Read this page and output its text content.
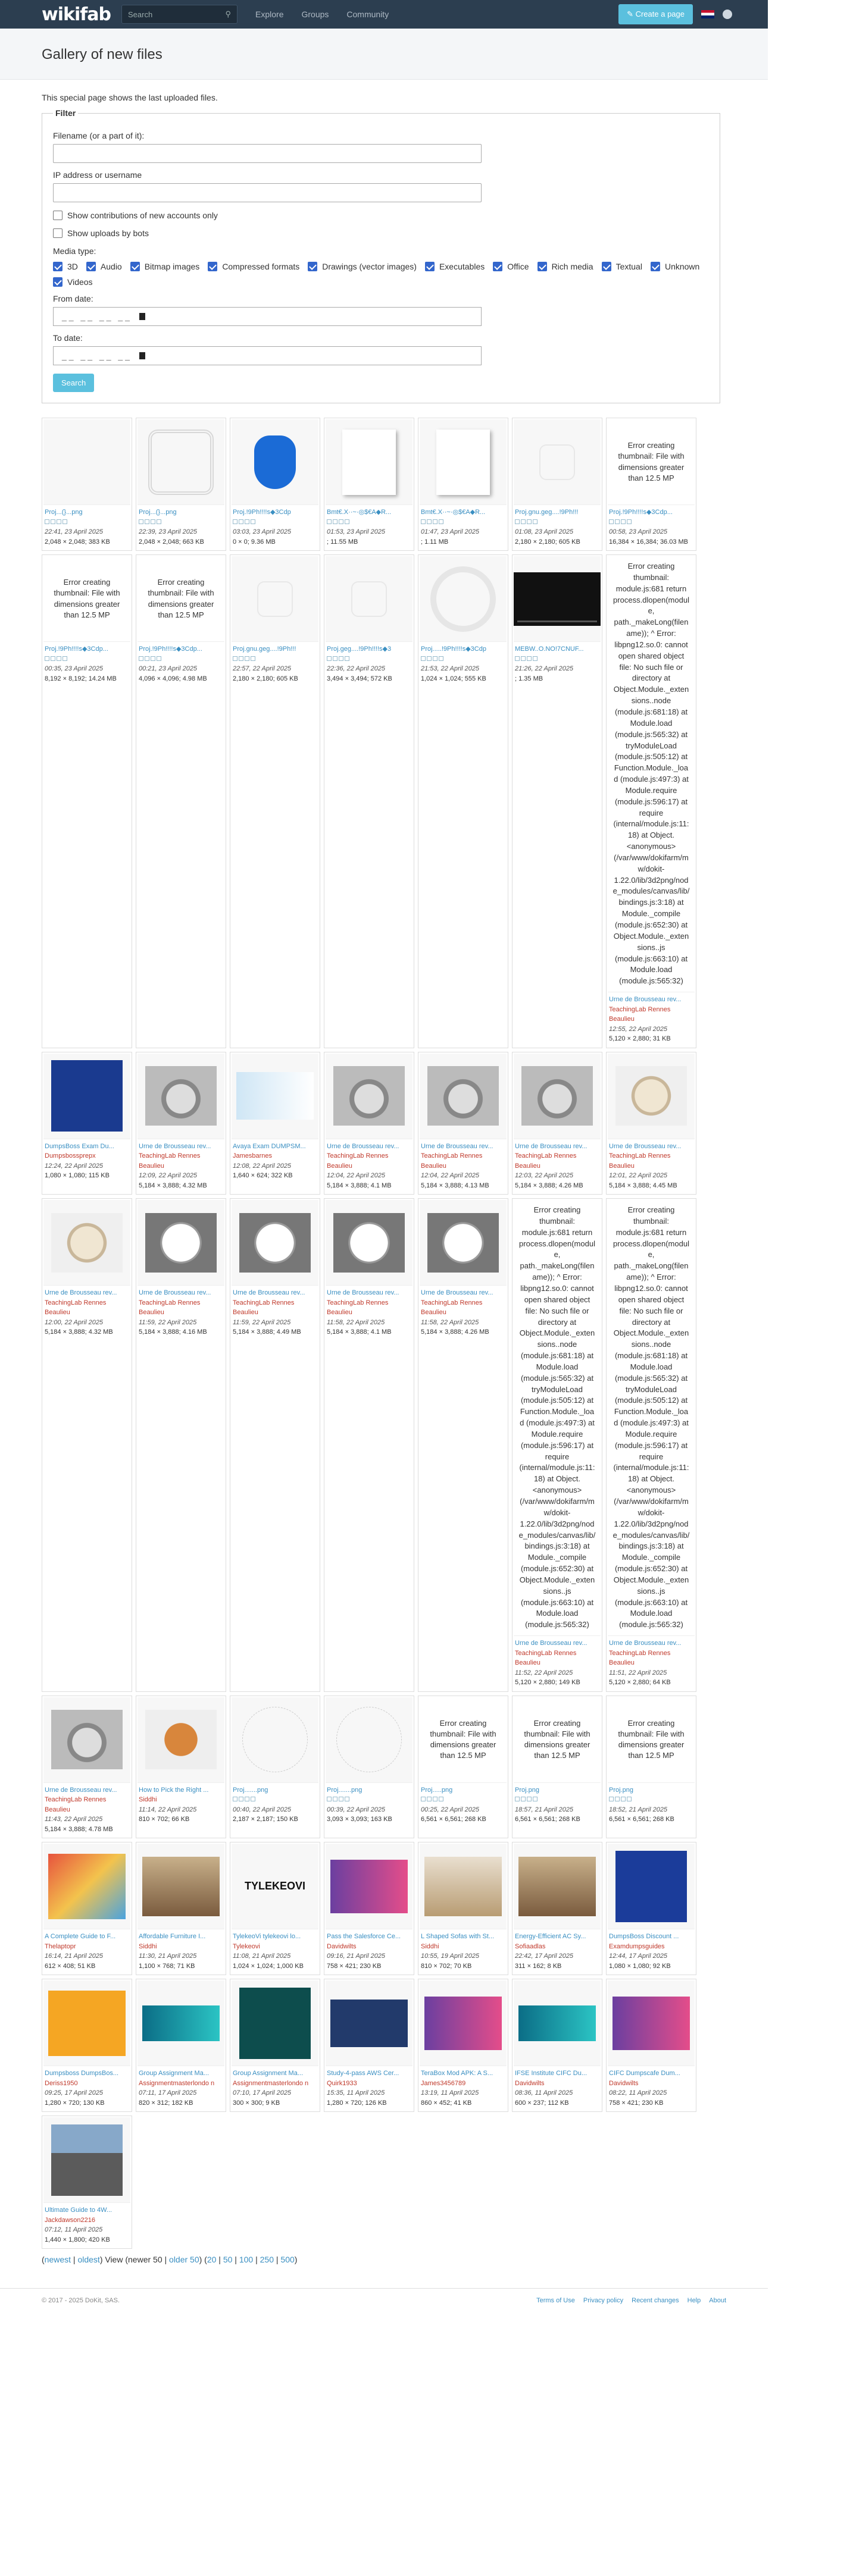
wikifab Search	⚲	Explore Groups Community	✎ Create a page
Gallery of new files

This special page shows the last uploaded files.

Filter
Filename (or a part of it):
IP address or username
Show contributions of new accounts only
Show uploads by bots
Media type:
3D	Audio	Bitmap images	Compressed formats	Drawings (vector images)	Executables	Office	Rich media	Textual	Unknown
Videos
From date:
__ __ __ __
To date:
__ __ __ __
Search
Proj...(}...png
22:41, 23 April 2025
2,048 × 2,048; 383 KB
Proj...(}...png
22:39, 23 April 2025
2,048 × 2,048; 663 KB
Proj.!9Ph!!!!s◆3Cdp
03:03, 23 April 2025
0 × 0; 9.36 MB
Bmt€.X··~·◎$€A◆R...
01:53, 23 April 2025
; 11.55 MB
Bmt€.X··~·◎$€A◆R...
01:47, 23 April 2025
; 1.11 MB
Proj.gnu.geg....!9Ph!!!
01:08, 23 April 2025
2,180 × 2,180; 605 KB
Error creating thumbnail: File with dimensions greater than 12.5 MP
Proj.!9Ph!!!!s◆3Cdp...
00:58, 23 April 2025
16,384 × 16,384; 36.03 MB
Error creating thumbnail: File with dimensions greater than 12.5 MP
Proj.!9Ph!!!!s◆3Cdp...
00:35, 23 April 2025
8,192 × 8,192; 14.24 MB
Error creating thumbnail: File with dimensions greater than 12.5 MP
Proj.!9Ph!!!!s◆3Cdp...
00:21, 23 April 2025
4,096 × 4,096; 4.98 MB
Proj.gnu.geg....!9Ph!!!
22:57, 22 April 2025
2,180 × 2,180; 605 KB
Proj.geg....!9Ph!!!!s◆3
22:36, 22 April 2025
3,494 × 3,494; 572 KB
Proj.....!9Ph!!!!s◆3Cdp
21:53, 22 April 2025
1,024 × 1,024; 555 KB
MEBW..O.NO!7CNUF...
21:26, 22 April 2025
; 1.35 MB
Error creating thumbnail: module.js:681 return process.dlopen(module, path._makeLong(filename)); ^ Error: libpng12.so.0: cannot open shared object file: No such file or directory at Object.Module._extensions..node (module.js:681:18) at Module.load (module.js:565:32) at tryModuleLoad (module.js:505:12) at Function.Module._load (module.js:497:3) at Module.require (module.js:596:17) at require (internal/module.js:11:18) at Object.<anonymous> (/var/www/dokifarm/mw/dokit-1.22.0/lib/3d2png/node_modules/canvas/lib/bindings.js:3:18) at Module._compile (module.js:652:30) at Object.Module._extensions..js (module.js:663:10) at Module.load (module.js:565:32)
Urne de Brousseau rev...
TeachingLab Rennes Beaulieu
12:55, 22 April 2025
5,120 × 2,880; 31 KB
DumpsBoss Exam Du...
Dumpsbossprepx
12:24, 22 April 2025
1,080 × 1,080; 115 KB
Urne de Brousseau rev...
TeachingLab Rennes Beaulieu
12:09, 22 April 2025
5,184 × 3,888; 4.32 MB
Avaya Exam DUMPSM...
Jamesbarnes
12:08, 22 April 2025
1,640 × 624; 322 KB
Urne de Brousseau rev...
TeachingLab Rennes Beaulieu
12:04, 22 April 2025
5,184 × 3,888; 4.1 MB
Urne de Brousseau rev...
TeachingLab Rennes Beaulieu
12:04, 22 April 2025
5,184 × 3,888; 4.13 MB
Urne de Brousseau rev...
TeachingLab Rennes Beaulieu
12:03, 22 April 2025
5,184 × 3,888; 4.26 MB
Urne de Brousseau rev...
TeachingLab Rennes Beaulieu
12:01, 22 April 2025
5,184 × 3,888; 4.45 MB
Urne de Brousseau rev...
TeachingLab Rennes Beaulieu
12:00, 22 April 2025
5,184 × 3,888; 4.32 MB
Urne de Brousseau rev...
TeachingLab Rennes Beaulieu
11:59, 22 April 2025
5,184 × 3,888; 4.16 MB
Urne de Brousseau rev...
TeachingLab Rennes Beaulieu
11:59, 22 April 2025
5,184 × 3,888; 4.49 MB
Urne de Brousseau rev...
TeachingLab Rennes Beaulieu
11:58, 22 April 2025
5,184 × 3,888; 4.1 MB
Urne de Brousseau rev...
TeachingLab Rennes Beaulieu
11:58, 22 April 2025
5,184 × 3,888; 4.26 MB
Error creating thumbnail: module.js:681 return process.dlopen(module, path._makeLong(filename)); ^ Error: libpng12.so.0: cannot open shared object file: No such file or directory at Object.Module._extensions..node (module.js:681:18) at Module.load (module.js:565:32) at tryModuleLoad (module.js:505:12) at Function.Module._load (module.js:497:3) at Module.require (module.js:596:17) at require (internal/module.js:11:18) at Object.<anonymous> (/var/www/dokifarm/mw/dokit-1.22.0/lib/3d2png/node_modules/canvas/lib/bindings.js:3:18) at Module._compile (module.js:652:30) at Object.Module._extensions..js (module.js:663:10) at Module.load (module.js:565:32)
Urne de Brousseau rev...
TeachingLab Rennes Beaulieu
11:52, 22 April 2025
5,120 × 2,880; 149 KB
Error creating thumbnail: module.js:681 return process.dlopen(module, path._makeLong(filename)); ^ Error: libpng12.so.0: cannot open shared object file: No such file or directory at Object.Module._extensions..node (module.js:681:18) at Module.load (module.js:565:32) at tryModuleLoad (module.js:505:12) at Function.Module._load (module.js:497:3) at Module.require (module.js:596:17) at require (internal/module.js:11:18) at Object.<anonymous> (/var/www/dokifarm/mw/dokit-1.22.0/lib/3d2png/node_modules/canvas/lib/bindings.js:3:18) at Module._compile (module.js:652:30) at Object.Module._extensions..js (module.js:663:10) at Module.load (module.js:565:32)
Urne de Brousseau rev...
TeachingLab Rennes Beaulieu
11:51, 22 April 2025
5,120 × 2,880; 64 KB
Urne de Brousseau rev...
TeachingLab Rennes Beaulieu
11:43, 22 April 2025
5,184 × 3,888; 4.78 MB
How to Pick the Right ...
Siddhi
11:14, 22 April 2025
810 × 702; 66 KB
Proj.......png
00:40, 22 April 2025
2,187 × 2,187; 150 KB
Proj.......png
00:39, 22 April 2025
3,093 × 3,093; 163 KB
Error creating thumbnail: File with dimensions greater than 12.5 MP
Proj.....png
00:25, 22 April 2025
6,561 × 6,561; 268 KB
Error creating thumbnail: File with dimensions greater than 12.5 MP
Proj.png
18:57, 21 April 2025
6,561 × 6,561; 268 KB
Error creating thumbnail: File with dimensions greater than 12.5 MP
Proj.png
18:52, 21 April 2025
6,561 × 6,561; 268 KB
A Complete Guide to F...
Thelaptopr
16:14, 21 April 2025
612 × 408; 51 KB
Affordable Furniture I...
Siddhi
11:30, 21 April 2025
1,100 × 768; 71 KB
TYLEKEOVI
TylekeoVi tylekeovi lo...
Tylekeovi
11:08, 21 April 2025
1,024 × 1,024; 1,000 KB
Pass the Salesforce Ce...
Davidwilts
09:16, 21 April 2025
758 × 421; 230 KB
L Shaped Sofas with St...
Siddhi
10:55, 19 April 2025
810 × 702; 70 KB
Energy-Efficient AC Sy...
Sofiaadlas
22:42, 17 April 2025
311 × 162; 8 KB
DumpsBoss Discount ...
Examdumpsguides
12:44, 17 April 2025
1,080 × 1,080; 92 KB
Dumpsboss DumpsBos...
Deriss1950
09:25, 17 April 2025
1,280 × 720; 130 KB
Group Assignment Ma...
Assignmentmasterlondo n
07:11, 17 April 2025
820 × 312; 182 KB
Group Assignment Ma...
Assignmentmasterlondo n
07:10, 17 April 2025
300 × 300; 9 KB
Study-4-pass AWS Cer...
Quirk1933
15:35, 11 April 2025
1,280 × 720; 126 KB
TeraBox Mod APK: A S...
James3456789
13:19, 11 April 2025
860 × 452; 41 KB
IFSE Institute CIFC Du...
Davidwilts
08:36, 11 April 2025
600 × 237; 112 KB
CIFC Dumpscafe Dum...
Davidwilts
08:22, 11 April 2025
758 × 421; 230 KB
Ultimate Guide to 4W...
Jackdawson2216
07:12, 11 April 2025
1,440 × 1,800; 420 KB
(newest | oldest) View (newer 50 | older 50) (20 | 50 | 100 | 250 | 500)
© 2017 - 2025 DoKit, SAS.	Terms of Use Privacy policy Recent changes Help About
